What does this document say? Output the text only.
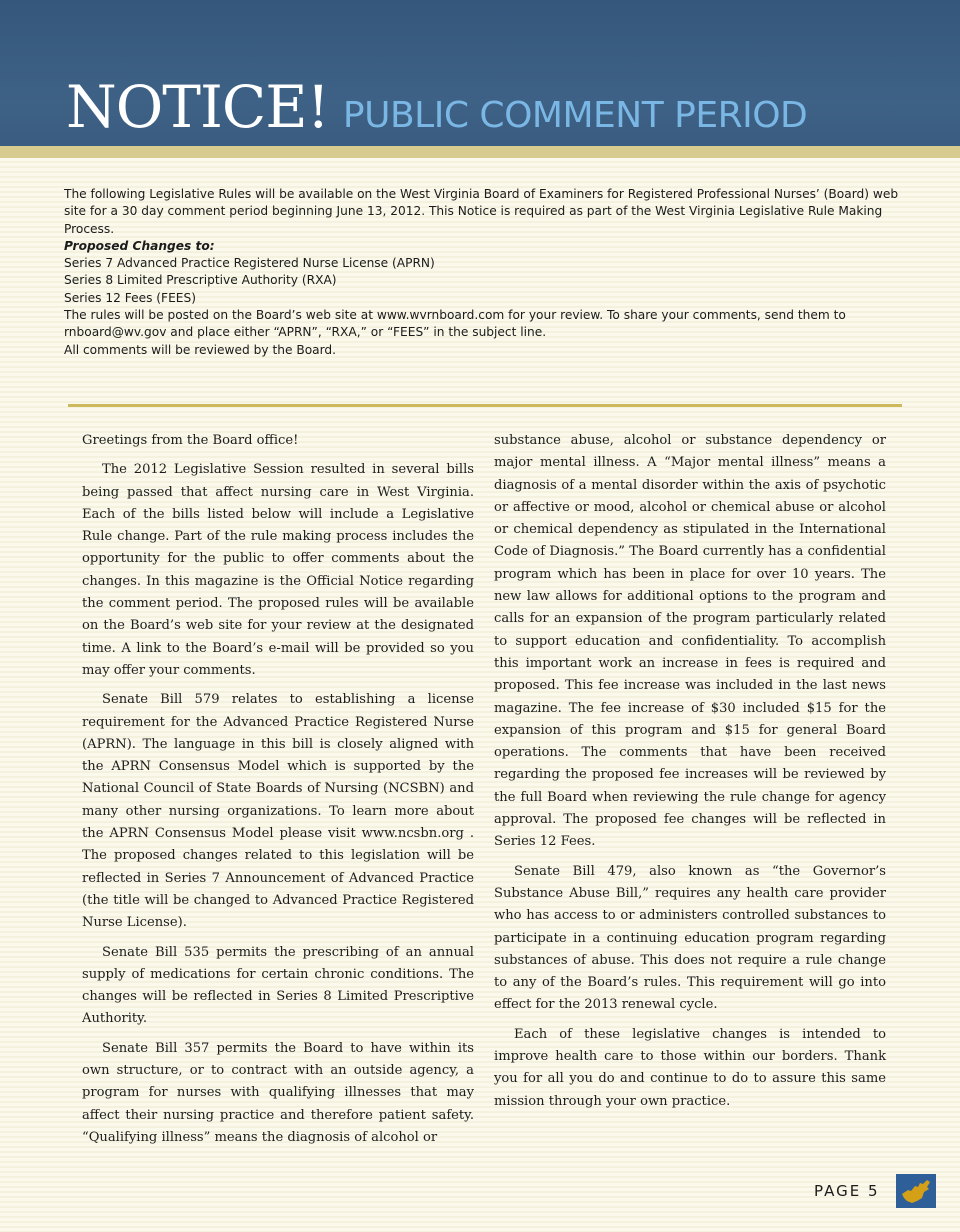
NOTICE! PUBLIC COMMENT PERIOD

The following Legislative Rules will be available on the West Virginia Board of Examiners for Registered Professional Nurses’ (Board) web site for a 30 day comment period beginning June 13, 2012. This Notice is required as part of the West Virginia Legislative Rule Making Process.

Proposed Changes to:

Series 7 Advanced Practice Registered Nurse License (APRN)

Series 8 Limited Prescriptive Authority (RXA)

Series 12 Fees (FEES)

The rules will be posted on the Board’s web site at www.wvrnboard.com for your review. To share your comments, send them to rnboard@wv.gov and place either “APRN”, “RXA,” or “FEES” in the subject line.

All comments will be reviewed by the Board.

Greetings from the Board office!

The 2012 Legislative Session resulted in several bills being passed that affect nursing care in West Virginia. Each of the bills listed below will include a Legislative Rule change. Part of the rule making process includes the opportunity for the public to offer comments about the changes. In this magazine is the Official Notice regarding the comment period. The proposed rules will be available on the Board’s web site for your review at the designated time. A link to the Board’s e-mail will be provided so you may offer your comments.

Senate Bill 579 relates to establishing a license requirement for the Advanced Practice Registered Nurse (APRN). The language in this bill is closely aligned with the APRN Consensus Model which is supported by the National Council of State Boards of Nursing (NCSBN) and many other nursing organizations. To learn more about the APRN Consensus Model please visit www.ncsbn.org . The proposed changes related to this legislation will be reflected in Series 7 Announcement of Advanced Practice (the title will be changed to Advanced Practice Registered Nurse License).

Senate Bill 535 permits the prescribing of an annual supply of medications for certain chronic conditions. The changes will be reflected in Series 8 Limited Prescriptive Authority.

Senate Bill 357 permits the Board to have within its own structure, or to contract with an outside agency, a program for nurses with qualifying illnesses that may affect their nursing practice and therefore patient safety. “Qualifying illness” means the diagnosis of alcohol or

substance abuse, alcohol or substance dependency or major mental illness. A “Major mental illness” means a diagnosis of a mental disorder within the axis of psychotic or affective or mood, alcohol or chemical abuse or alcohol or chemical dependency as stipulated in the International Code of Diagnosis.” The Board currently has a confidential program which has been in place for over 10 years. The new law allows for additional options to the program and calls for an expansion of the program particularly related to support education and confidentiality. To accomplish this important work an increase in fees is required and proposed. This fee increase was included in the last news magazine. The fee increase of $30 included $15 for the expansion of this program and $15 for general Board operations. The comments that have been received regarding the proposed fee increases will be reviewed by the full Board when reviewing the rule change for agency approval. The proposed fee changes will be reflected in Series 12 Fees.

Senate Bill 479, also known as “the Governor’s Substance Abuse Bill,” requires any health care provider who has access to or administers controlled substances to participate in a continuing education program regarding substances of abuse. This does not require a rule change to any of the Board’s rules. This requirement will go into effect for the 2013 renewal cycle.

Each of these legislative changes is intended to improve health care to those within our borders. Thank you for all you do and continue to do to assure this same mission through your own practice.

PAGE 5
